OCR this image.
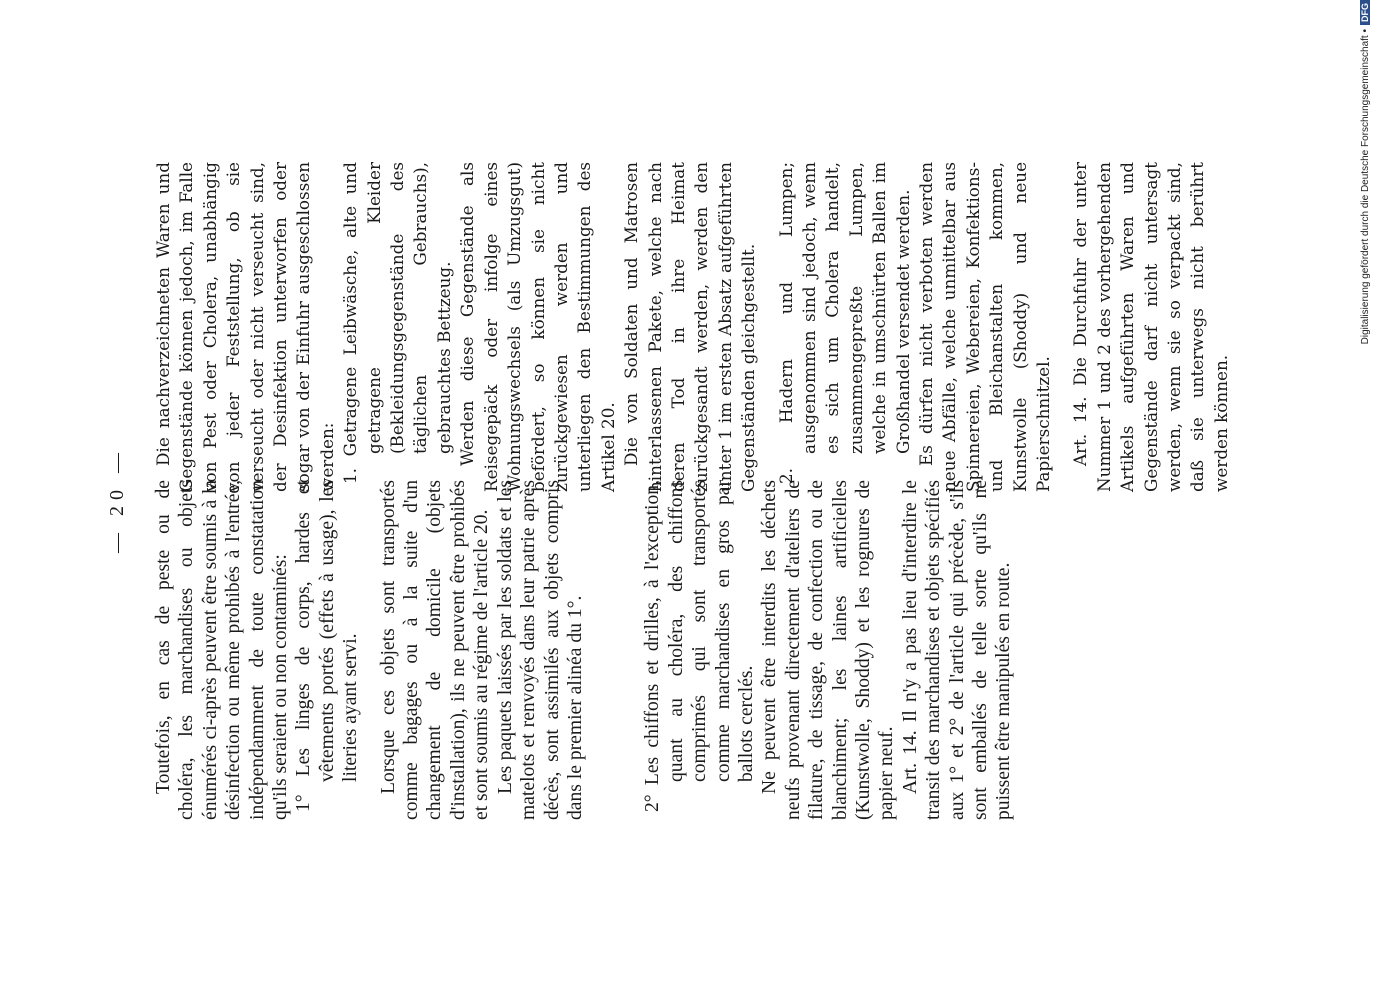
— 20 — Toutefois, en cas de peste ou de choléra, les marchandises ou objets énumérés ci-après peuvent être soumis à la désinfection ou même prohibés à l'entrée, indépendamment de toute constatation qu'ils seraient ou non contaminés: 1° Les linges de corps, hardes et vêtements portés (effets à usage), les literies ayant servi. Lorsque ces objets sont transportés comme bagages ou à la suite d'un changement de domicile (objets d'installation), ils ne peuvent être prohibés et sont soumis au régime de l'article 20. Les paquets laissés par les soldats et les matelots et renvoyés dans leur patrie après décès, sont assimilés aux objets compris dans le premier alinéa du 1°.	2° Les chiffons et drilles, à l'exception, quant au choléra, des chiffons comprimés qui sont transportés comme marchandises en gros par ballots cerclés. Ne peuvent être interdits les déchets neufs provenant directement d'ateliers de filature, de tissage, de confection ou de blanchiment; les laines artificielles (Kunstwolle, Shoddy) et les rognures de papier neuf. Art. 14. Il n'y a pas lieu d'interdire le transit des marchandises et objets spécifiés aux 1° et 2° de l'article qui précède, s'ils sont emballés de telle sorte qu'ils ne puissent être manipulés en route.

Die nachverzeichneten Waren und Gegenstände können jedoch, im Falle von Pest oder Cholera, unabhängig von jeder Feststellung, ob sie verseucht oder nicht verseucht sind, der Desinfektion unterworfen oder sogar von der Einfuhr ausgeschlossen werden: 1. Getragene Leibwäsche, alte und getragene Kleider (Bekleidungsgegenstände des täglichen Gebrauchs), gebrauchtes Bettzeug. Werden diese Gegenstände als Reisegepäck oder infolge eines Wohnungswechsels (als Umzugsgut) befördert, so können sie nicht zurückgewiesen werden und unterliegen den Bestimmungen des Artikel 20. Die von Soldaten und Matrosen hinterlassenen Pakete, welche nach deren Tod in ihre Heimat zurückgesandt werden, werden den unter 1 im ersten Absatz aufgeführten Gegenständen gleichgestellt. 2. Hadern und Lumpen; ausgenommen sind jedoch, wenn es sich um Cholera handelt, zusammengepreßte Lumpen, welche in umschnürten Ballen im Großhandel versendet werden. Es dürfen nicht verboten werden neue Abfälle, welche unmittelbar aus Spinnereien, Webereien, Konfektions- und Bleichanstalten kommen, Kunstwolle (Shoddy) und neue Papierschnitzel. Art. 14. Die Durchfuhr der unter Nummer 1 und 2 des vorhergehenden Artikels aufgeführten Waren und Gegenstände darf nicht untersagt werden, wenn sie so verpackt sind, daß sie unterwegs nicht berührt werden können.

Digitalisierung gefördert durch die Deutsche Forschungsgemeinschaft •DFG
